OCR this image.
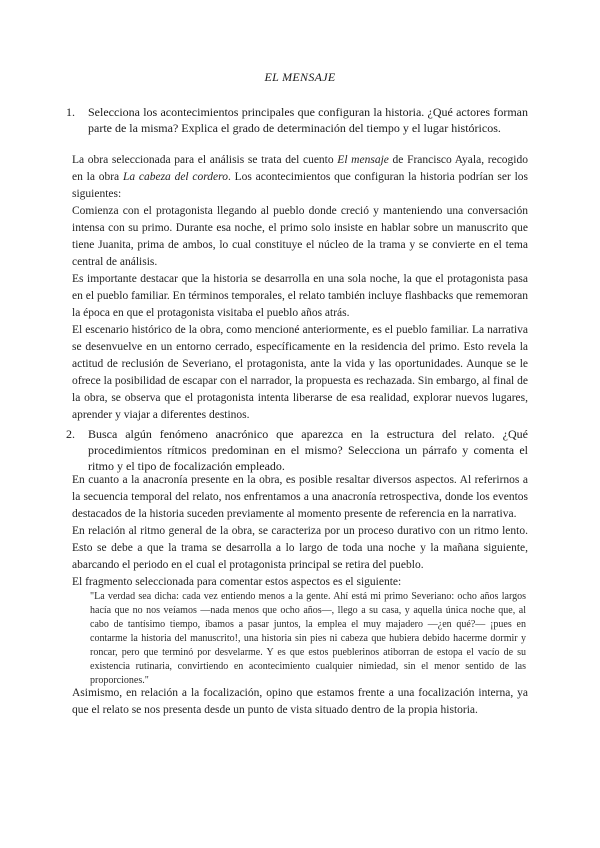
EL MENSAJE
1. Selecciona los acontecimientos principales que configuran la historia. ¿Qué actores forman parte de la misma? Explica el grado de determinación del tiempo y el lugar históricos.

La obra seleccionada para el análisis se trata del cuento El mensaje de Francisco Ayala, recogido en la obra La cabeza del cordero. Los acontecimientos que configuran la historia podrían ser los siguientes:

Comienza con el protagonista llegando al pueblo donde creció y manteniendo una conversación intensa con su primo. Durante esa noche, el primo solo insiste en hablar sobre un manuscrito que tiene Juanita, prima de ambos, lo cual constituye el núcleo de la trama y se convierte en el tema central de análisis.

Es importante destacar que la historia se desarrolla en una sola noche, la que el protagonista pasa en el pueblo familiar. En términos temporales, el relato también incluye flashbacks que rememoran la época en que el protagonista visitaba el pueblo años atrás.

El escenario histórico de la obra, como mencioné anteriormente, es el pueblo familiar. La narrativa se desenvuelve en un entorno cerrado, específicamente en la residencia del primo. Esto revela la actitud de reclusión de Severiano, el protagonista, ante la vida y las oportunidades. Aunque se le ofrece la posibilidad de escapar con el narrador, la propuesta es rechazada. Sin embargo, al final de la obra, se observa que el protagonista intenta liberarse de esa realidad, explorar nuevos lugares, aprender y viajar a diferentes destinos.

2. Busca algún fenómeno anacrónico que aparezca en la estructura del relato. ¿Qué procedimientos rítmicos predominan en el mismo? Selecciona un párrafo y comenta el ritmo y el tipo de focalización empleado.

En cuanto a la anacronía presente en la obra, es posible resaltar diversos aspectos. Al referirnos a la secuencia temporal del relato, nos enfrentamos a una anacronía retrospectiva, donde los eventos destacados de la historia suceden previamente al momento presente de referencia en la narrativa.

En relación al ritmo general de la obra, se caracteriza por un proceso durativo con un ritmo lento. Esto se debe a que la trama se desarrolla a lo largo de toda una noche y la mañana siguiente, abarcando el periodo en el cual el protagonista principal se retira del pueblo.

El fragmento seleccionada para comentar estos aspectos es el siguiente:

"La verdad sea dicha: cada vez entiendo menos a la gente. Ahí está mi primo Severiano: ocho años largos hacía que no nos veíamos —nada menos que ocho años—, llego a su casa, y aquella única noche que, al cabo de tantísimo tiempo, íbamos a pasar juntos, la emplea el muy majadero —¿en qué?— ¡pues en contarme la historia del manuscrito!, una historia sin pies ni cabeza que hubiera debido hacerme dormir y roncar, pero que terminó por desvelarme. Y es que estos pueblerinos atiborran de estopa el vacío de su existencia rutinaria, convirtiendo en acontecimiento cualquier nimiedad, sin el menor sentido de las proporciones."

Asimismo, en relación a la focalización, opino que estamos frente a una focalización interna, ya que el relato se nos presenta desde un punto de vista situado dentro de la propia historia.
